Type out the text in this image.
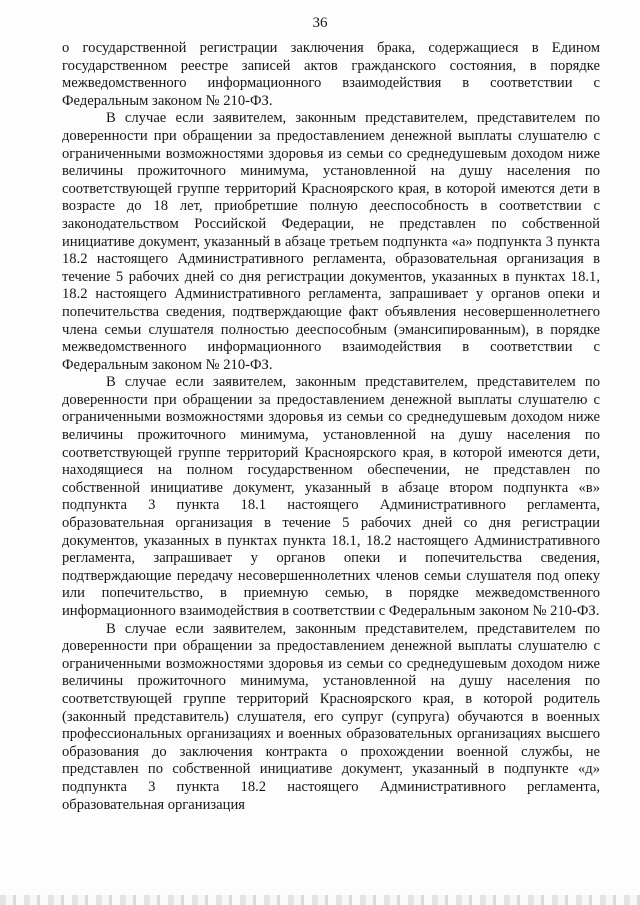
36

о государственной регистрации заключения брака, содержащиеся в Едином государственном реестре записей актов гражданского состояния, в порядке межведомственного информационного взаимодействия в соответствии с Федеральным законом № 210-ФЗ.

В случае если заявителем, законным представителем, представителем по доверенности при обращении за предоставлением денежной выплаты слушателю с ограниченными возможностями здоровья из семьи со среднедушевым доходом ниже величины прожиточного минимума, установленной на душу населения по соответствующей группе территорий Красноярского края, в которой имеются дети в возрасте до 18 лет, приобретшие полную дееспособность в соответствии с законодательством Российской Федерации, не представлен по собственной инициативе документ, указанный в абзаце третьем подпункта «а» подпункта 3 пункта 18.2 настоящего Административного регламента, образовательная организация в течение 5 рабочих дней со дня регистрации документов, указанных в пунктах 18.1, 18.2 настоящего Административного регламента, запрашивает у органов опеки и попечительства сведения, подтверждающие факт объявления несовершеннолетнего члена семьи слушателя полностью дееспособным (эмансипированным), в порядке межведомственного информационного взаимодействия в соответствии с Федеральным законом № 210-ФЗ.

В случае если заявителем, законным представителем, представителем по доверенности при обращении за предоставлением денежной выплаты слушателю с ограниченными возможностями здоровья из семьи со среднедушевым доходом ниже величины прожиточного минимума, установленной на душу населения по соответствующей группе территорий Красноярского края, в которой имеются дети, находящиеся на полном государственном обеспечении, не представлен по собственной инициативе документ, указанный в абзаце втором подпункта «в» подпункта 3 пункта 18.1 настоящего Административного регламента, образовательная организация в течение 5 рабочих дней со дня регистрации документов, указанных в пунктах пункта 18.1, 18.2 настоящего Административного регламента, запрашивает у органов опеки и попечительства сведения, подтверждающие передачу несовершеннолетних членов семьи слушателя под опеку или попечительство, в приемную семью, в порядке межведомственного информационного взаимодействия в соответствии с Федеральным законом № 210-ФЗ.

В случае если заявителем, законным представителем, представителем по доверенности при обращении за предоставлением денежной выплаты слушателю с ограниченными возможностями здоровья из семьи со среднедушевым доходом ниже величины прожиточного минимума, установленной на душу населения по соответствующей группе территорий Красноярского края, в которой родитель (законный представитель) слушателя, его супруг (супруга) обучаются в военных профессиональных организациях и военных образовательных организациях высшего образования до заключения контракта о прохождении военной службы, не представлен по собственной инициативе документ, указанный в подпункте «д» подпункта 3 пункта 18.2 настоящего Административного регламента, образовательная организация
